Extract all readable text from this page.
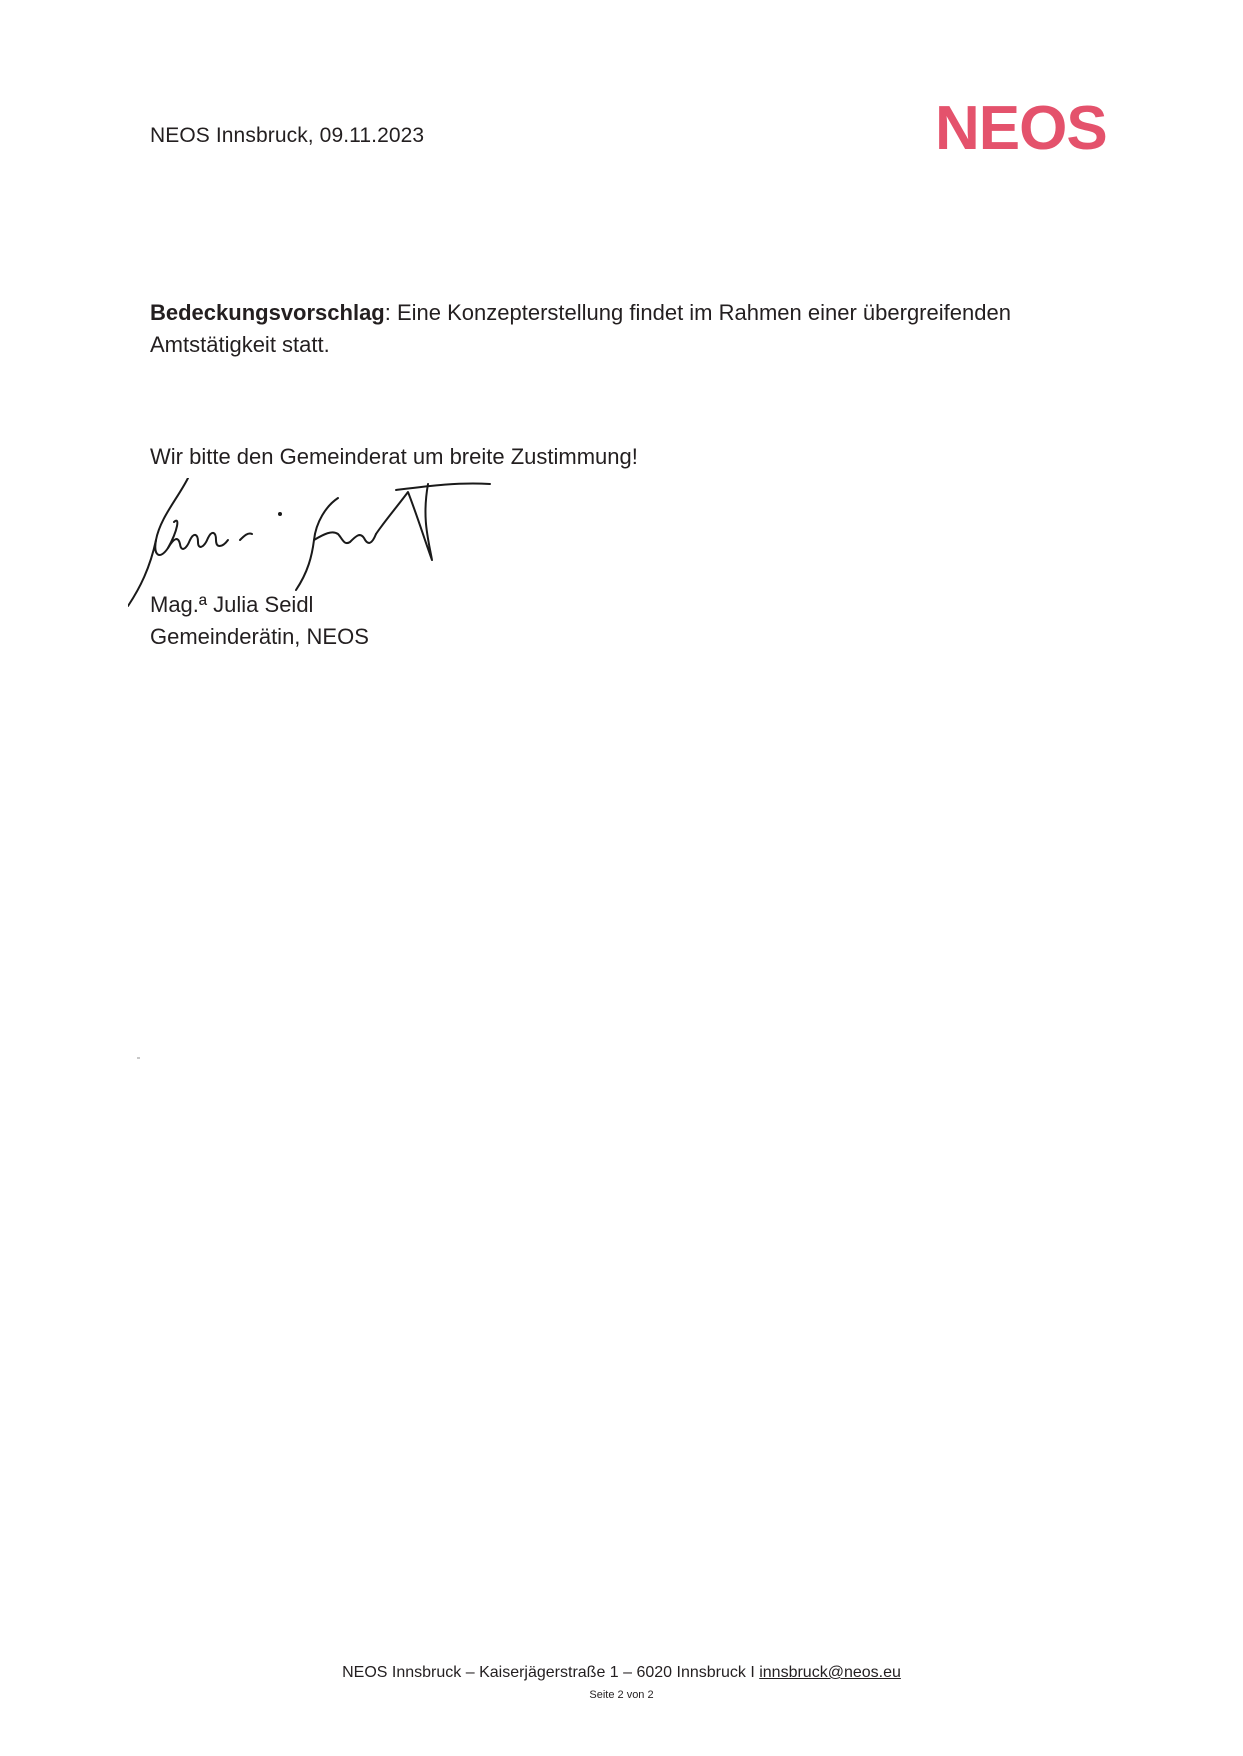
NEOS Innsbruck, 09.11.2023	NEOS
Bedeckungsvorschlag: Eine Konzepterstellung findet im Rahmen einer übergreifenden Amtstätigkeit statt.
Wir bitte den Gemeinderat um breite Zustimmung!
Mag.ª Julia Seidl
Gemeinderätin, NEOS
NEOS Innsbruck – Kaiserjägerstraße 1 – 6020 Innsbruck I innsbruck@neos.eu
Seite 2 von 2
